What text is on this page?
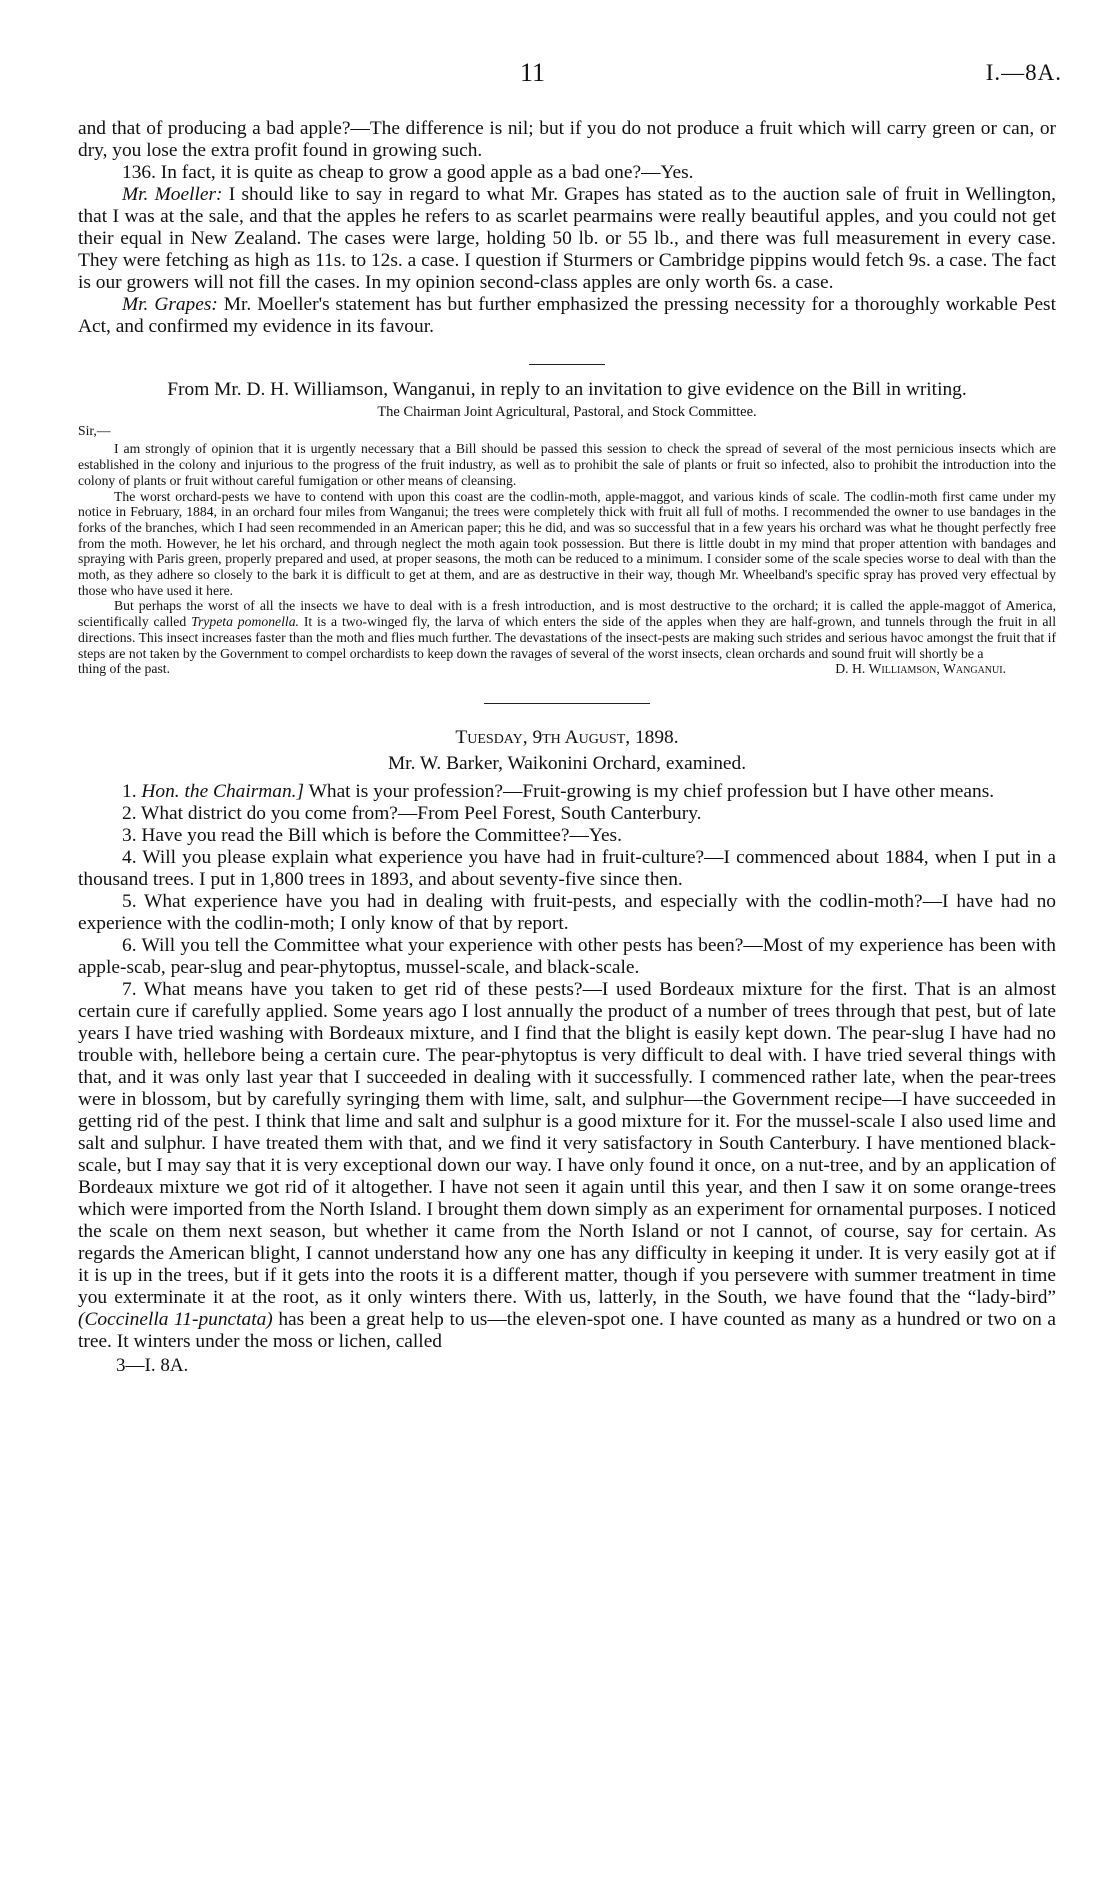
11	I.—8A.

and that of producing a bad apple?—The difference is nil; but if you do not produce a fruit which will carry green or can, or dry, you lose the extra profit found in growing such.

136. In fact, it is quite as cheap to grow a good apple as a bad one?—Yes.

Mr. Moeller: I should like to say in regard to what Mr. Grapes has stated as to the auction sale of fruit in Wellington, that I was at the sale, and that the apples he refers to as scarlet pearmains were really beautiful apples, and you could not get their equal in New Zealand. The cases were large, holding 50 lb. or 55 lb., and there was full measurement in every case. They were fetching as high as 11s. to 12s. a case. I question if Sturmers or Cambridge pippins would fetch 9s. a case. The fact is our growers will not fill the cases. In my opinion second-class apples are only worth 6s. a case.

Mr. Grapes: Mr. Moeller's statement has but further emphasized the pressing necessity for a thoroughly workable Pest Act, and confirmed my evidence in its favour.

From Mr. D. H. Williamson, Wanganui, in reply to an invitation to give evidence on the Bill in writing.

The Chairman Joint Agricultural, Pastoral, and Stock Committee.

Sir,—

I am strongly of opinion that it is urgently necessary that a Bill should be passed this session to check the spread of several of the most pernicious insects which are established in the colony and injurious to the progress of the fruit industry, as well as to prohibit the sale of plants or fruit so infected, also to prohibit the introduction into the colony of plants or fruit without careful fumigation or other means of cleansing.

The worst orchard-pests we have to contend with upon this coast are the codlin-moth, apple-maggot, and various kinds of scale. The codlin-moth first came under my notice in February, 1884, in an orchard four miles from Wanganui; the trees were completely thick with fruit all full of moths. I recommended the owner to use bandages in the forks of the branches, which I had seen recommended in an American paper; this he did, and was so successful that in a few years his orchard was what he thought perfectly free from the moth. However, he let his orchard, and through neglect the moth again took possession. But there is little doubt in my mind that proper attention with bandages and spraying with Paris green, properly prepared and used, at proper seasons, the moth can be reduced to a minimum. I consider some of the scale species worse to deal with than the moth, as they adhere so closely to the bark it is difficult to get at them, and are as destructive in their way, though Mr. Wheelband's specific spray has proved very effectual by those who have used it here.

But perhaps the worst of all the insects we have to deal with is a fresh introduction, and is most destructive to the orchard; it is called the apple-maggot of America, scientifically called Trypeta pomonella. It is a two-winged fly, the larva of which enters the side of the apples when they are half-grown, and tunnels through the fruit in all directions. This insect increases faster than the moth and flies much further. The devastations of the insect-pests are making such strides and serious havoc amongst the fruit that if steps are not taken by the Government to compel orchardists to keep down the ravages of several of the worst insects, clean orchards and sound fruit will shortly be a

thing of the past.	D. H. Williamson, Wanganui.

Tuesday, 9th August, 1898.

Mr. W. Barker, Waikonini Orchard, examined.

1. Hon. the Chairman.] What is your profession?—Fruit-growing is my chief profession but I have other means.

2. What district do you come from?—From Peel Forest, South Canterbury.

3. Have you read the Bill which is before the Committee?—Yes.

4. Will you please explain what experience you have had in fruit-culture?—I commenced about 1884, when I put in a thousand trees. I put in 1,800 trees in 1893, and about seventy-five since then.

5. What experience have you had in dealing with fruit-pests, and especially with the codlin-moth?—I have had no experience with the codlin-moth; I only know of that by report.

6. Will you tell the Committee what your experience with other pests has been?—Most of my experience has been with apple-scab, pear-slug and pear-phytoptus, mussel-scale, and black-scale.

7. What means have you taken to get rid of these pests?—I used Bordeaux mixture for the first. That is an almost certain cure if carefully applied. Some years ago I lost annually the product of a number of trees through that pest, but of late years I have tried washing with Bordeaux mixture, and I find that the blight is easily kept down. The pear-slug I have had no trouble with, hellebore being a certain cure. The pear-phytoptus is very difficult to deal with. I have tried several things with that, and it was only last year that I succeeded in dealing with it successfully. I commenced rather late, when the pear-trees were in blossom, but by carefully syringing them with lime, salt, and sulphur—the Government recipe—I have succeeded in getting rid of the pest. I think that lime and salt and sulphur is a good mixture for it. For the mussel-scale I also used lime and salt and sulphur. I have treated them with that, and we find it very satisfactory in South Canterbury. I have mentioned black-scale, but I may say that it is very exceptional down our way. I have only found it once, on a nut-tree, and by an application of Bordeaux mixture we got rid of it altogether. I have not seen it again until this year, and then I saw it on some orange-trees which were imported from the North Island. I brought them down simply as an experiment for ornamental purposes. I noticed the scale on them next season, but whether it came from the North Island or not I cannot, of course, say for certain. As regards the American blight, I cannot understand how any one has any difficulty in keeping it under. It is very easily got at if it is up in the trees, but if it gets into the roots it is a different matter, though if you persevere with summer treatment in time you exterminate it at the root, as it only winters there. With us, latterly, in the South, we have found that the “lady-bird” (Coccinella 11-punctata) has been a great help to us—the eleven-spot one. I have counted as many as a hundred or two on a tree. It winters under the moss or lichen, called

3—I. 8A.
